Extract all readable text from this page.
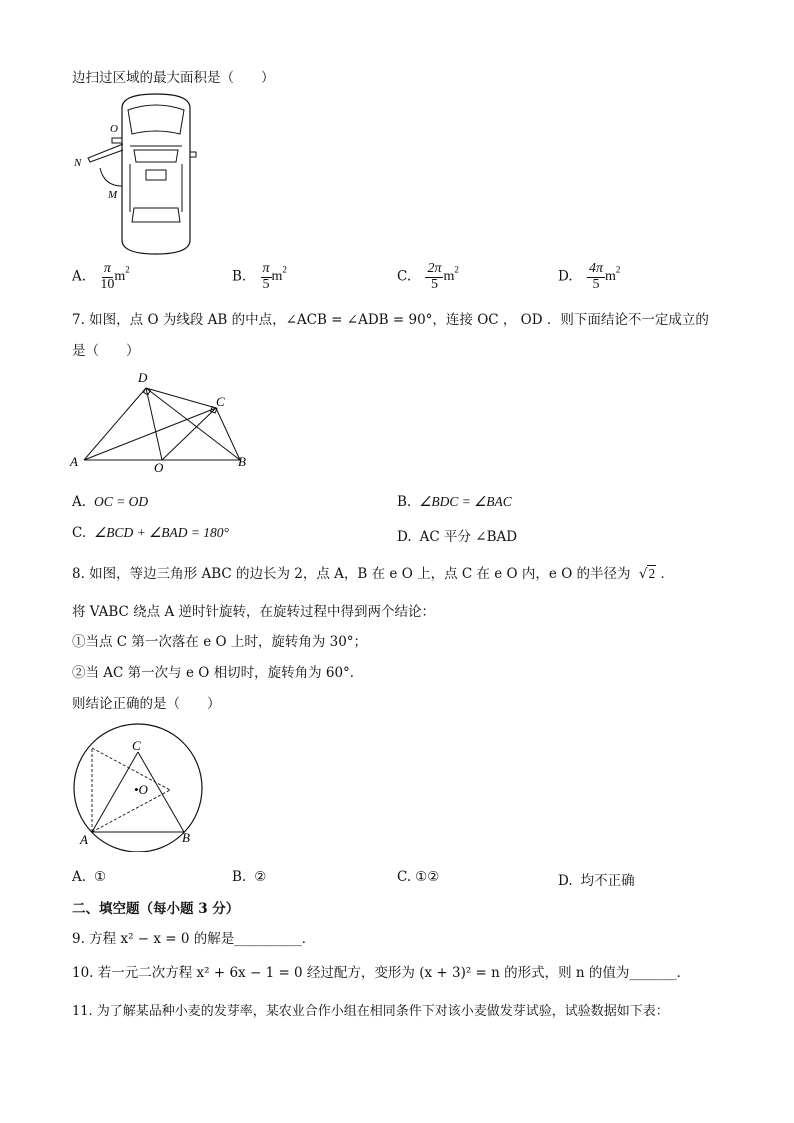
边扫过区域的最大面积是（　　）
O
N
M
A. $\frac{\pi}{10} m^2$	B. $\frac{\pi}{5} m^2$	C. $\frac{2\pi}{5} m^2$	D. $\frac{4\pi}{5} m^2$
7. 如图，点 O 为线段 AB 的中点，∠ACB = ∠ADB = 90°，连接 OC ， OD ．则下面结论不一定成立的
是（　　）
D
C
A	B
O
A. OC = OD	B. ∠BDC = ∠BAC
C. ∠BCD + ∠BAD = 180°	D. AC 平分 ∠BAD
8. 如图，等边三角形 ABC 的边长为 2，点 A，B 在 e O 上，点 C 在 e O 内，e O 的半径为 √2 ．
将 VABC 绕点 A 逆时针旋转，在旋转过程中得到两个结论：
①当点 C 第一次落在 e O 上时，旋转角为 30°；
②当 AC 第一次与 e O 相切时，旋转角为 60°．
则结论正确的是（　　）
C
•O
A	B
A. ①	B. ②	C. ①②	D. 均不正确
二、填空题（每小题 3 分）
9. 方程 x² − x = 0 的解是__________．
10. 若一元二次方程 x² + 6x − 1 = 0 经过配方，变形为 (x + 3)² = n 的形式，则 n 的值为_______．
11. 为了解某品种小麦的发芽率，某农业合作小组在相同条件下对该小麦做发芽试验，试验数据如下表：
